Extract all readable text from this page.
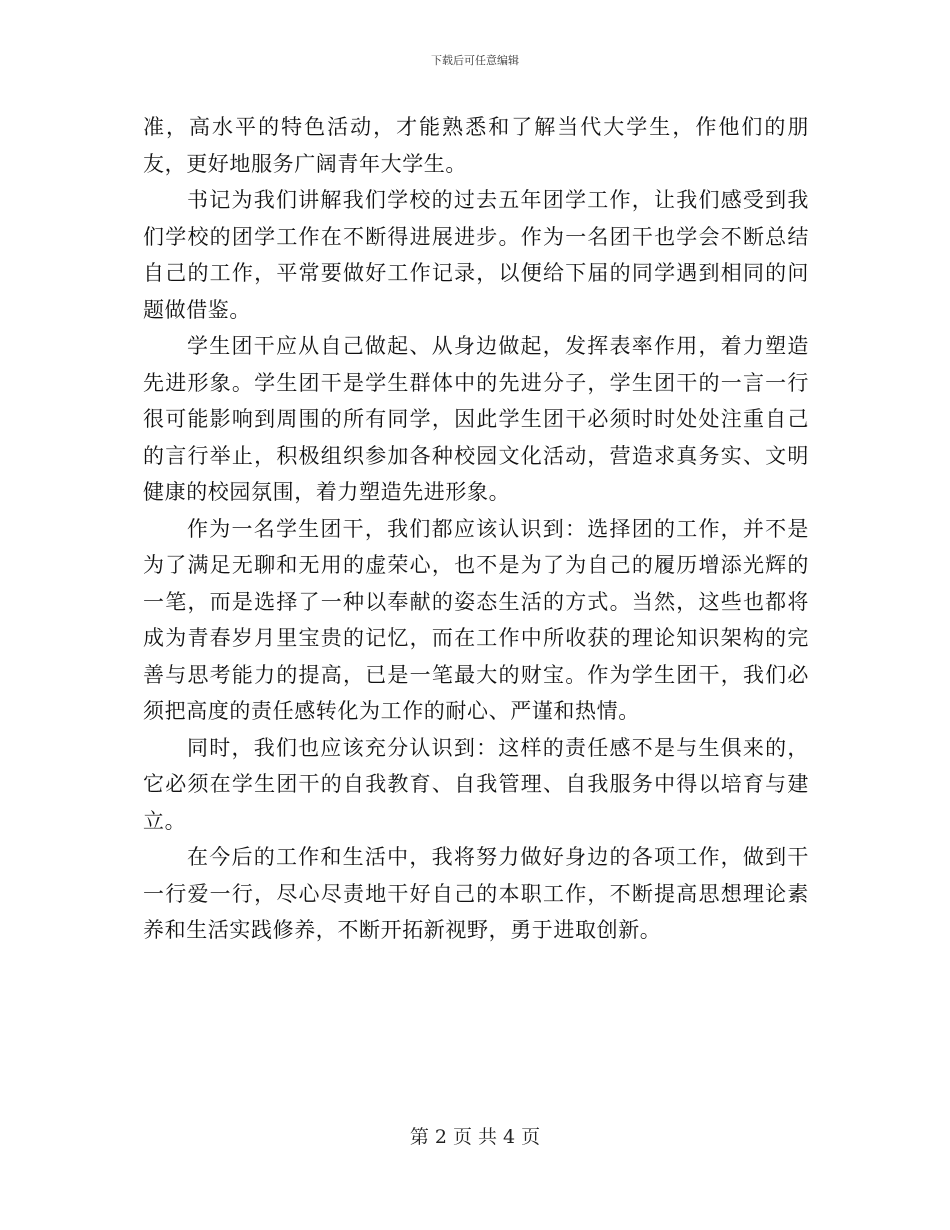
下载后可任意编辑

准，高水平的特色活动，才能熟悉和了解当代大学生，作他们的朋友，更好地服务广阔青年大学生。

书记为我们讲解我们学校的过去五年团学工作，让我们感受到我们学校的团学工作在不断得进展进步。作为一名团干也学会不断总结自己的工作，平常要做好工作记录，以便给下届的同学遇到相同的问题做借鉴。

学生团干应从自己做起、从身边做起，发挥表率作用，着力塑造先进形象。学生团干是学生群体中的先进分子，学生团干的一言一行很可能影响到周围的所有同学，因此学生团干必须时时处处注重自己的言行举止，积极组织参加各种校园文化活动，营造求真务实、文明健康的校园氛围，着力塑造先进形象。

作为一名学生团干，我们都应该认识到：选择团的工作，并不是为了满足无聊和无用的虚荣心，也不是为了为自己的履历增添光辉的一笔，而是选择了一种以奉献的姿态生活的方式。当然，这些也都将成为青春岁月里宝贵的记忆，而在工作中所收获的理论知识架构的完善与思考能力的提高，已是一笔最大的财宝。作为学生团干，我们必须把高度的责任感转化为工作的耐心、严谨和热情。

同时，我们也应该充分认识到：这样的责任感不是与生俱来的，它必须在学生团干的自我教育、自我管理、自我服务中得以培育与建立。

在今后的工作和生活中，我将努力做好身边的各项工作，做到干一行爱一行，尽心尽责地干好自己的本职工作，不断提高思想理论素养和生活实践修养，不断开拓新视野，勇于进取创新。

第 2 页 共 4 页
